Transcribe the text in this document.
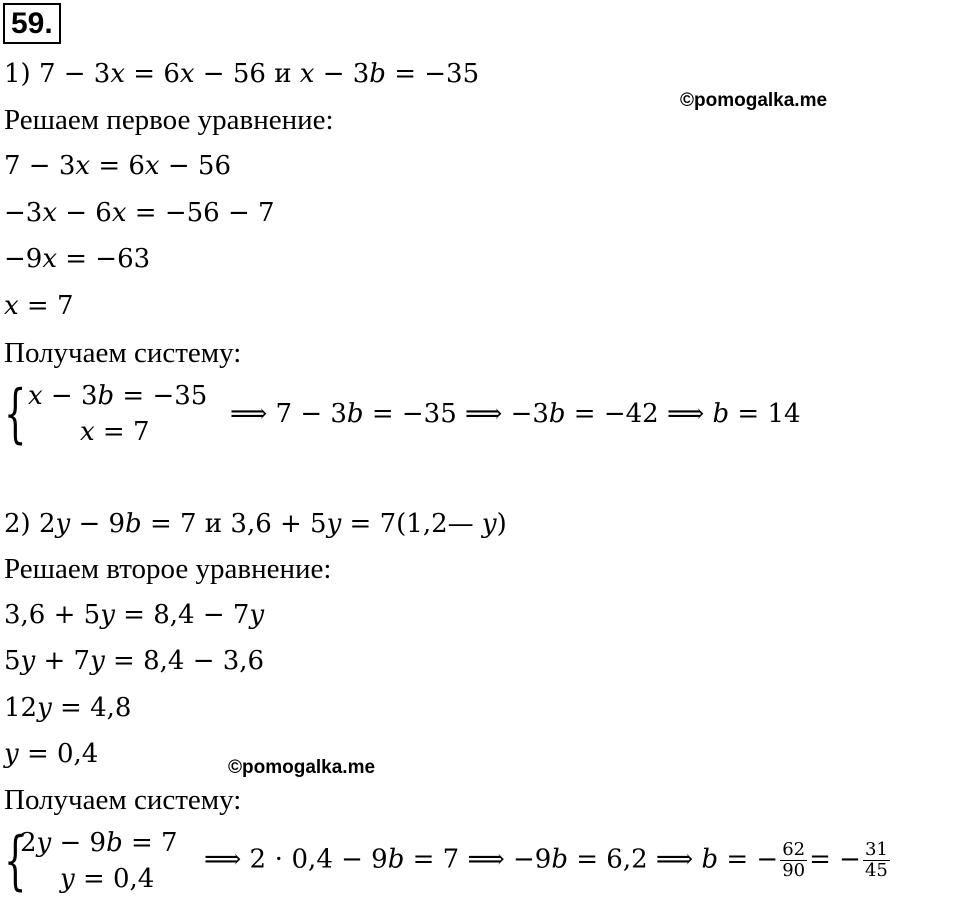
59.
1) 7 − 3𝑥 = 6𝑥 − 56 и 𝑥 − 3𝑏 = −35
©pomogalka.me
Решаем первое уравнение:
7 − 3𝑥 = 6𝑥 − 56
−3𝑥 − 6𝑥 = −56 − 7
−9𝑥 = −63
𝑥 = 7
Получаем систему:
{ 𝑥 − 3𝑏 = −35
𝑥 = 7
⟹ 7 − 3𝑏 = −35 ⟹ −3𝑏 = −42 ⟹ 𝑏 = 14
2) 2𝑦 − 9𝑏 = 7 и 3,6 + 5𝑦 = 7(1,2— 𝑦)
Решаем второе уравнение:
3,6 + 5𝑦 = 8,4 − 7𝑦
5𝑦 + 7𝑦 = 8,4 − 3,6
12𝑦 = 4,8
𝑦 = 0,4	©pomogalka.me
Получаем систему:
{
2𝑦 − 9𝑏 = 7
𝑦 = 0,4
⟹ 2 ⋅ 0,4 − 9𝑏 = 7 ⟹ −9𝑏 = 6,2 ⟹ 𝑏 = − $\frac{62}{90}$ = − $\frac{31}{45}$
